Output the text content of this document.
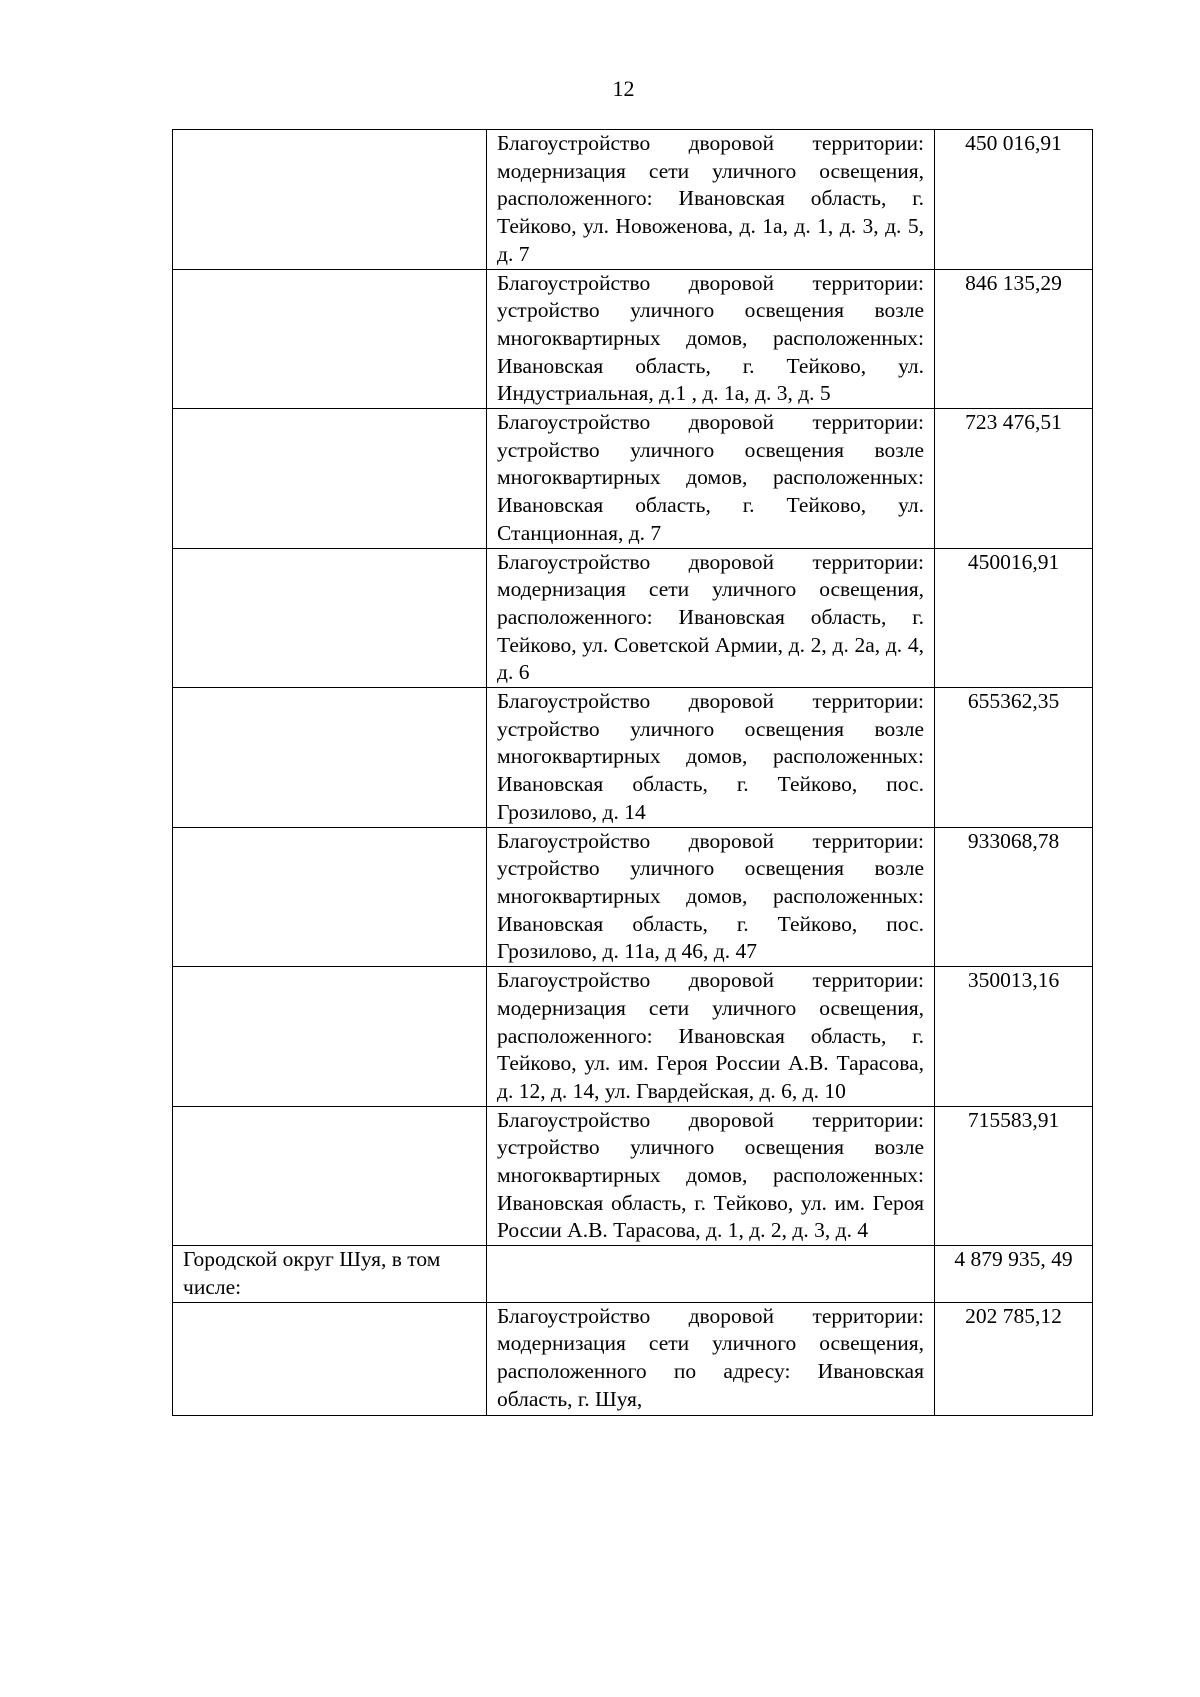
12
	Благоустройство дворовой территории: модернизация сети уличного освещения, расположенного: Ивановская область, г. Тейково, ул. Новоженова, д. 1а, д. 1, д. 3, д. 5, д. 7	450 016,91
	Благоустройство дворовой территории: устройство уличного освещения возле многоквартирных домов, расположенных: Ивановская область, г. Тейково, ул. Индустриальная, д.1 , д. 1а, д. 3, д. 5	846 135,29
	Благоустройство дворовой территории: устройство уличного освещения возле многоквартирных домов, расположенных: Ивановская область, г. Тейково, ул. Станционная, д. 7	723 476,51
	Благоустройство дворовой территории: модернизация сети уличного освещения, расположенного: Ивановская область, г. Тейково, ул. Советской Армии, д. 2, д. 2а, д. 4, д. 6	450016,91
	Благоустройство дворовой территории: устройство уличного освещения возле многоквартирных домов, расположенных: Ивановская область, г. Тейково, пос. Грозилово, д. 14	655362,35
	Благоустройство дворовой территории: устройство уличного освещения возле многоквартирных домов, расположенных: Ивановская область, г. Тейково, пос. Грозилово, д. 11а, д 46, д. 47	933068,78
	Благоустройство дворовой территории: модернизация сети уличного освещения, расположенного: Ивановская область, г. Тейково, ул. им. Героя России А.В. Тарасова, д. 12, д. 14, ул. Гвардейская, д. 6, д. 10	350013,16
	Благоустройство дворовой территории: устройство уличного освещения возле многоквартирных домов, расположенных: Ивановская область, г. Тейково, ул. им. Героя России А.В. Тарасова, д. 1, д. 2, д. 3, д. 4	715583,91
Городской округ Шуя, в том числе:		4 879 935, 49
	Благоустройство дворовой территории: модернизация сети уличного освещения, расположенного по адресу: Ивановская область, г. Шуя,	202 785,12
